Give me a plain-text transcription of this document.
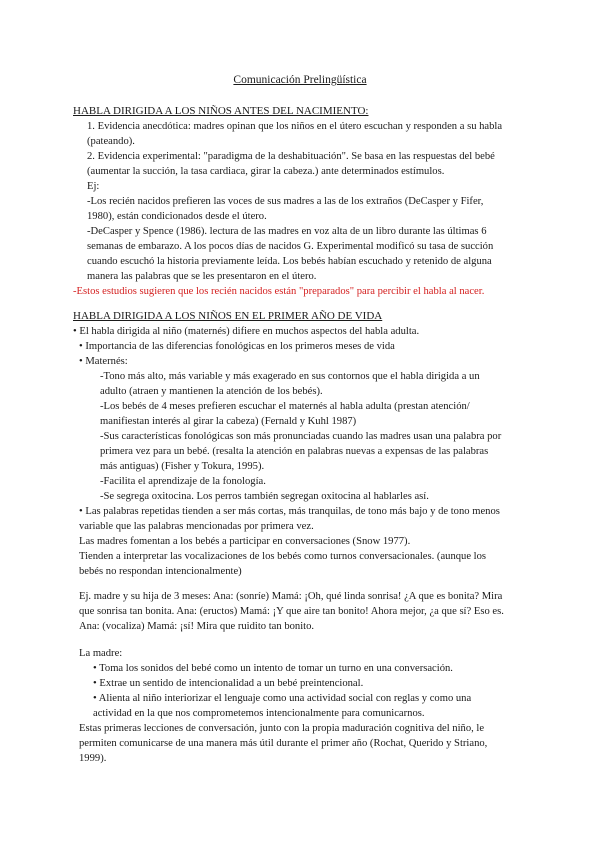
Comunicación Prelingüística
HABLA DIRIGIDA A LOS NIÑOS ANTES DEL NACIMIENTO:
1. Evidencia anecdótica: madres opinan que los niños en el útero escuchan y responden a su habla
(pateando).
2. Evidencia experimental: "paradigma de la deshabituación". Se basa en las respuestas del bebé
(aumentar la succión, la tasa cardiaca, girar la cabeza.) ante determinados estímulos.
Ej:
-Los recién nacidos prefieren las voces de sus madres a las de los extraños (DeCasper y Fifer,
1980), están condicionados desde el útero.
-DeCasper y Spence (1986). lectura de las madres en voz alta de un libro durante las últimas 6
semanas de embarazo. A los pocos días de nacidos G. Experimental modificó su tasa de succión
cuando escuchó la historia previamente leída. Los bebés habían escuchado y retenido de alguna
manera las palabras que se les presentaron en el útero.
-Estos estudios sugieren que los recién nacidos están "preparados" para percibir el habla al nacer.
HABLA DIRIGIDA A LOS NIÑOS EN EL PRIMER AÑO DE VIDA
• El habla dirigida al niño (maternés) difiere en muchos aspectos del habla adulta.
• Importancia de las diferencias fonológicas en los primeros meses de vida
• Maternés:
-Tono más alto, más variable y más exagerado en sus contornos que el habla dirigida a un
adulto (atraen y mantienen la atención de los bebés).
-Los bebés de 4 meses prefieren escuchar el maternés al habla adulta (prestan atención/
manifiestan interés al girar la cabeza) (Fernald y Kuhl 1987)
-Sus características fonológicas son más pronunciadas cuando las madres usan una palabra por
primera vez para un bebé. (resalta la atención en palabras nuevas a expensas de las palabras
más antiguas) (Fisher y Tokura, 1995).
-Facilita el aprendizaje de la fonología.
-Se segrega oxitocina. Los perros también segregan oxitocina al hablarles así.
• Las palabras repetidas tienden a ser más cortas, más tranquilas, de tono más bajo y de tono menos
variable que las palabras mencionadas por primera vez.
Las madres fomentan a los bebés a participar en conversaciones (Snow 1977).
Tienden a interpretar las vocalizaciones de los bebés como turnos conversacionales. (aunque los
bebés no respondan intencionalmente)
Ej. madre y su hija de 3 meses: Ana: (sonríe) Mamá: ¡Oh, qué linda sonrisa! ¿A que es bonita? Mira
que sonrisa tan bonita. Ana: (eructos) Mamá: ¡Y que aire tan bonito! Ahora mejor, ¿a que sí? Eso es.
Ana: (vocaliza) Mamá: ¡sí! Mira que ruidito tan bonito.
La madre:
• Toma los sonidos del bebé como un intento de tomar un turno en una conversación.
• Extrae un sentido de intencionalidad a un bebé preintencional.
• Alienta al niño interiorizar el lenguaje como una actividad social con reglas y como una
actividad en la que nos comprometemos intencionalmente para comunicarnos.
Estas primeras lecciones de conversación, junto con la propia maduración cognitiva del niño, le
permiten comunicarse de una manera más útil durante el primer año (Rochat, Querido y Striano,
1999).
